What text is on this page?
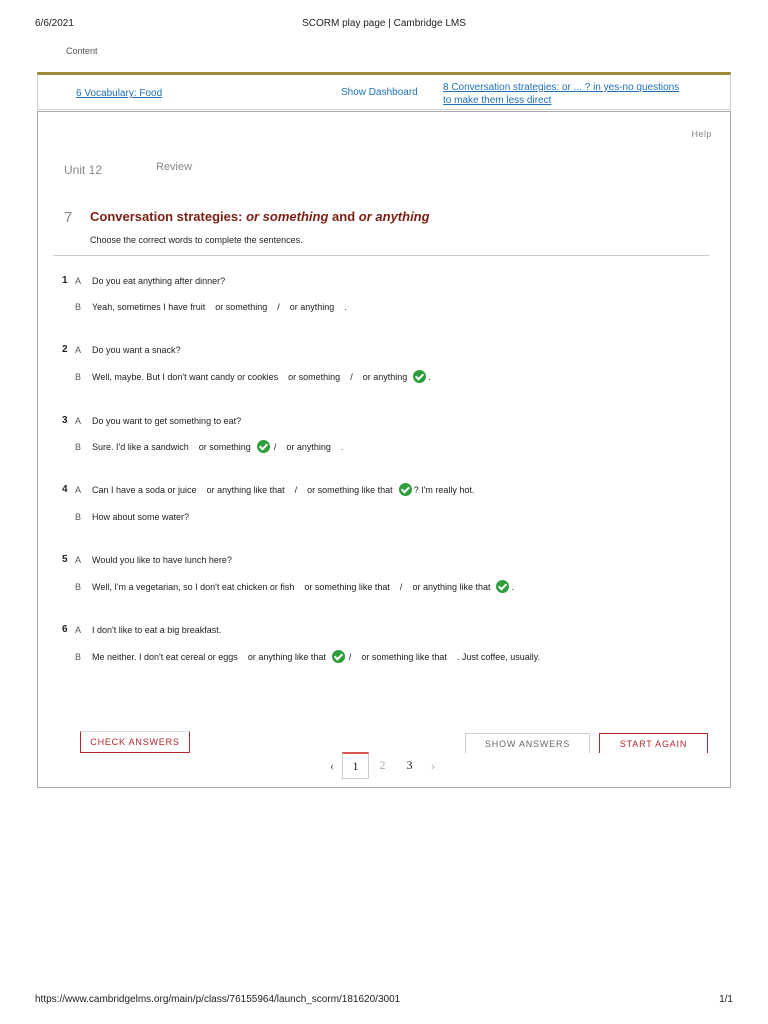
6/6/2021	SCORM play page | Cambridge LMS
Content
6 Vocabulary: Food	Show Dashboard	8 Conversation strategies: or ... ? in yes-no questions to make them less direct
Help
Unit 12	Review
7 Conversation strategies: or something and or anything
Choose the correct words to complete the sentences.
1 A Do you eat anything after dinner?
B Yeah, sometimes I have fruit or something / or anything .
2 A Do you want a snack?
B Well, maybe. But I don't want candy or cookies or something / or anything .
3 A Do you want to get something to eat?
B Sure. I'd like a sandwich or something	/ or anything .
4 A Can I have a soda or juice or anything like that / or something like that ? I'm really hot.
B How about some water?
5 A Would you like to have lunch here?
B Well, I'm a vegetarian, so I don't eat chicken or fish or something like that / or anything like that .
6 A I don't like to eat a big breakfast.
B Me neither. I don't eat cereal or eggs or anything like that	/ or something like that . Just coffee, usually.
CHECK ANSWERS	SHOW ANSWERS	START AGAIN
‹	1	2	3	›
https://www.cambridgelms.org/main/p/class/76155964/launch_scorm/181620/3001	1/1
